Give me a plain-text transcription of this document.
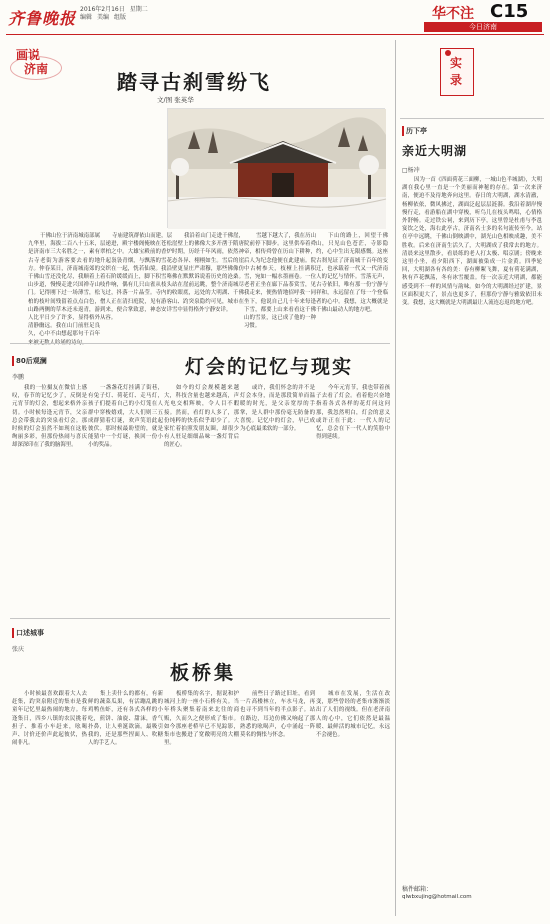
齐鲁晚报 2016年2月16日 星期二
编辑 美编 组版	华不注 C15
今日济南
画说
济南
踏寻古刹雪纷飞
文/图 张英华
干佛山位于济南城南部属九华里，海拔二百八十五米，是济南市三大名胜之一，素有古寺老街为游客要去看的地方。仲春某日，济南城南郊的千佛山雪还没化尽，我顺着上山步道，慢慢走进兴国禅寺山门。记得刚下过一场薄雪，松柏的枝叶间残留着点点白色，山路两侧的草木还未返青，游人比平日少了许多，显得格外清静幽远。我在山门前驻足良久，心中不由想起那句千百年
寺庙建筑群依山而建，层层递进，殿宇楼阁掩映在苍松翠柏之中。大雄宝殿前的香炉升起袅袅青烟，与飘落的雪花交织在一起，恍若仙境。我沿着石阶缓缓而上，脚下积雪咯吱作响，偶有几只山雀从枝头飞过，抖落一片晶莹。寺内的僧人正在清扫庭院，见有游客到来，便合掌致意，神态安详从容。
我沿着山门走进千佛崖，崖壁上的佛像大多开凿于隋唐时期，历经千年风雨，依然神态各异、栩栩如生。雪后的崖壁更显庄严肃穆，那些佛像仿佛在默默诉说着历史的沧桑。站在崖前远眺，整个济南城尽收眼底，远处的大明湖、千佛山、趵突泉隐约可见，城市在雪中显得格外宁静安详。
雪越下越大了，我在历山院前停下脚步。这里供奉着舜帝，相传舜曾在历山下耕种，后人为纪念他便在此建庙。院中古树参天，枝桠上挂满积雪，宛如一幅水墨画卷。一位老者正坐在廊下品茶赏雪，见我走来，便热情地招呼我一同坐下，他说自己几十年来每逢下雪，都要上山来看看这千佛山的雪景，这已成了他的一种习惯。
下山的路上，回望千佛山，只见山色苍茫，寺影隐约，心中生出无限感慨。这座古刹见证了济南城千百年的变迁，也承载着一代又一代济南人的记忆与情怀。雪落无声，古寺依旧，唯有那一份宁静与祥和，永远留在了每一个登临者的心中。我想，这大概就是千佛山最动人的地方吧。
80后观澜
李鹏	灯会的记忆与现实
我的一位摄友在微信上感叹，春节的记忆少了，反倒是元宵节的灯会，想起来格外亲切。小时候每逢元宵节，父亲总会带我去趵突泉看灯会。那时候的灯会虽然不如现在这般绚丽多彩，但那份热闹与喜庆却深深印在了我的脑海里。
一盏盏花灯挂满了街巷，有兔子灯、荷花灯、走马灯，孩子们提着自己的小灯笼在人群中穿梭嬉戏，大人们则三五成群猜着灯谜，欢声笑语此起彼伏。那时候最盼望的，就是能猜中一个灯谜，换回一份小小的奖品。
如今的灯会规模越来越大，科技含量也越来越高，声光电交相辉映，令人目不暇接。然而，看灯的人多了，那份纯粹的快乐似乎却少了。大家忙着拍照发朋友圈，却很少有人驻足细细品味一盏灯背后的匠心。
或许，我们怀念的并不是灯会本身，而是那段简单而温暖的时光，是父亲宽厚的手掌，是人群中那份毫无防备的喜悦。记忆中的灯会，早已成为心底最柔软的一部分。
今年元宵节，我也带着孩子去看了灯会。看着他兴奋地指着各式各样的花灯问这问那，我忽然明白，灯会的意义或许正在于此：一代人的记忆，总会在下一代人的笑脸中得到延续。
口述城事
张庆
板桥集
小时候最喜欢跟着大人去赶集，趵突泉附近的集市是我童年记忆里最热闹的地方。每逢集日，四乡八镇的农民挑着担子、推着小车赶来，吆喝声、讨价还价声此起彼伏，热闹非凡。
集上卖什么的都有，有新鲜的蔬菜瓜果，有活蹦乱跳的鸡鸭鱼虾，还有各式各样的小吃，煎饼、油旋、甜沫，香气扑鼻，让人垂涎欲滴。最吸引我的，还是那些捏面人、吹糖人的手艺人。
板桥集的名字，据说和护城河上的一座小石桥有关。当年桥头聚集着南来北往的商贩，久而久之便形成了集市。如今那座老桥早已不见踪影，集市也搬进了宽敞明亮的大棚里。
前些日子路过旧址，看到一片高楼林立，车水马龙，再也寻不到当年的半点影子。站在路边，耳边仿佛又响起了那熟悉的吆喝声，心中涌起一阵莫名的惆怅与怀念。
城市在发展，生活在改变，那些曾经的老集市渐渐淡出了人们的视线。但在老济南人的心中，它们依然是最温暖、最鲜活的城市记忆，永远不会褪色。
实录
历下亭
亲近大明湖
□杨冲
因为一首《四面荷花三面柳，一城山色半城湖》，大明湖在我心里一直是一个美丽而神秘的存在。第一次来济南，便迫不及待地奔向这里。春日的大明湖，湖水清澈，杨柳依依，微风拂过，湖面泛起层层涟漪。我沿着湖岸慢慢行走，看游船在湖中穿梭，听鸟儿在枝头鸣唱，心情格外舒畅。走过铁公祠，来到历下亭，这里曾是杜甫与李邕宴饮之处，海右此亭古，济南名士多的名句流传至今。站在亭中远眺，千佛山倒映湖中，湖光山色相映成趣，美不胜收。后来在济南生活久了，大明湖成了我常去的地方。清晨来这里散步，看晨练的老人打太极、唱京剧；傍晚来这里小坐，看夕阳西下，湖面被染成一片金黄。四季轮回，大明湖各有各的美：春有柳絮飞舞，夏有荷花满湖，秋有芦花飘荡，冬有冰雪覆盖。每一次亲近大明湖，都能感受到不一样的风情与韵味。如今的大明湖经过扩建，景区面积更大了，景点也更多了，但那份宁静与雅致依旧未变。我想，这大概就是大明湖最让人流连忘返的地方吧。
稿件邮箱：
qlwbxujing@hotmail.com
